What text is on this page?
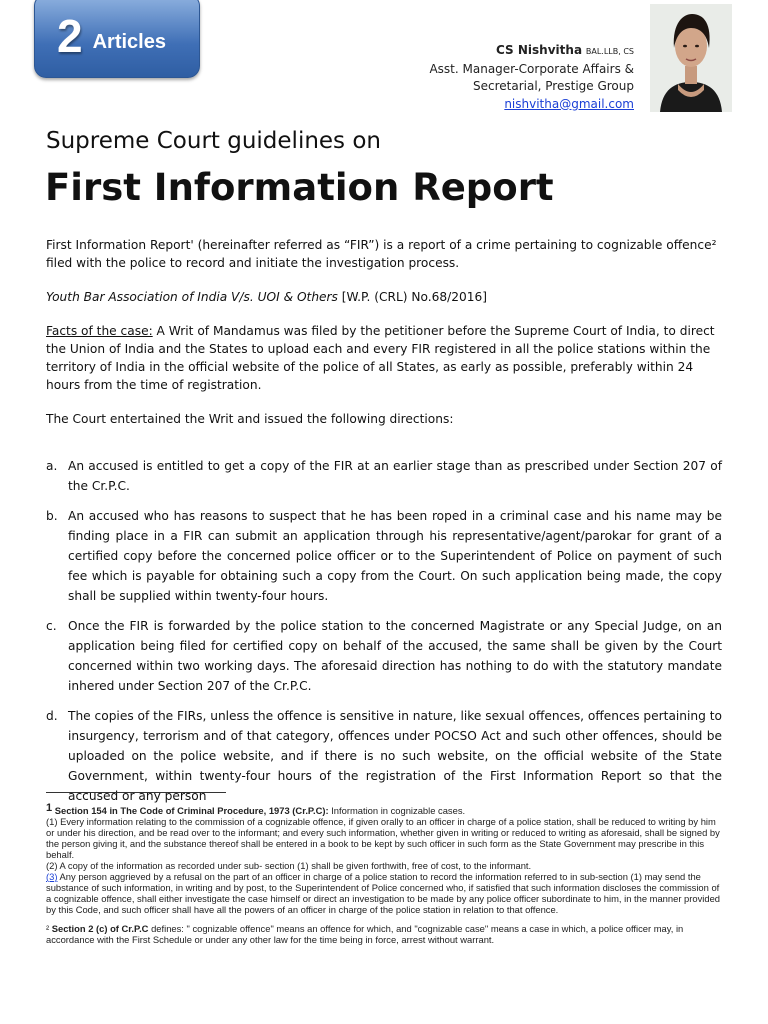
2 Articles	CS Nishvitha BAL.LLB, CS
Asst. Manager-Corporate Affairs &
Secretarial, Prestige Group
nishvitha@gmail.com
Supreme Court guidelines on
First Information Report

First Information Report' (hereinafter referred as “FIR”) is a report of a crime pertaining to cognizable offence² filed with the police to record and initiate the investigation process.

Youth Bar Association of India V/s. UOI & Others [W.P. (CRL) No.68/2016]

Facts of the case: A Writ of Mandamus was filed by the petitioner before the Supreme Court of India, to direct the Union of India and the States to upload each and every FIR registered in all the police stations within the territory of India in the official website of the police of all States, as early as possible, preferably within 24 hours from the time of registration.

The Court entertained the Writ and issued the following directions:

a. An accused is entitled to get a copy of the FIR at an earlier stage than as prescribed under Section 207 of the Cr.P.C.
b. An accused who has reasons to suspect that he has been roped in a criminal case and his name may be finding place in a FIR can submit an application through his representative/agent/parokar for grant of a certified copy before the concerned police officer or to the Superintendent of Police on payment of such fee which is payable for obtaining such a copy from the Court. On such application being made, the copy shall be supplied within twenty-four hours.
c. Once the FIR is forwarded by the police station to the concerned Magistrate or any Special Judge, on an application being filed for certified copy on behalf of the accused, the same shall be given by the Court concerned within two working days. The aforesaid direction has nothing to do with the statutory mandate inhered under Section 207 of the Cr.P.C.
d. The copies of the FIRs, unless the offence is sensitive in nature, like sexual offences, offences pertaining to insurgency, terrorism and of that category, offences under POCSO Act and such other offences, should be uploaded on the police website, and if there is no such website, on the official website of the State Government, within twenty-four hours of the registration of the First Information Report so that the accused or any person

1 Section 154 in The Code of Criminal Procedure, 1973 (Cr.P.C): Information in cognizable cases.

(1) Every information relating to the commission of a cognizable offence, if given orally to an officer in charge of a police station, shall be reduced to writing by him or under his direction, and be read over to the informant; and every such information, whether given in writing or reduced to writing as aforesaid, shall be signed by the person giving it, and the substance thereof shall be entered in a book to be kept by such officer in such form as the State Government may prescribe in this behalf.

(2) A copy of the information as recorded under sub- section (1) shall be given forthwith, free of cost, to the informant.

(3) Any person aggrieved by a refusal on the part of an officer in charge of a police station to record the information referred to in sub-section (1) may send the substance of such information, in writing and by post, to the Superintendent of Police concerned who, if satisfied that such information discloses the commission of a cognizable offence, shall either investigate the case himself or direct an investigation to be made by any police officer subordinate to him, in the manner provided by this Code, and such officer shall have all the powers of an officer in charge of the police station in relation to that offence.

² Section 2 (c) of Cr.P.C defines: " cognizable offence" means an offence for which, and "cognizable case" means a case in which, a police officer may, in accordance with the First Schedule or under any other law for the time being in force, arrest without warrant.
